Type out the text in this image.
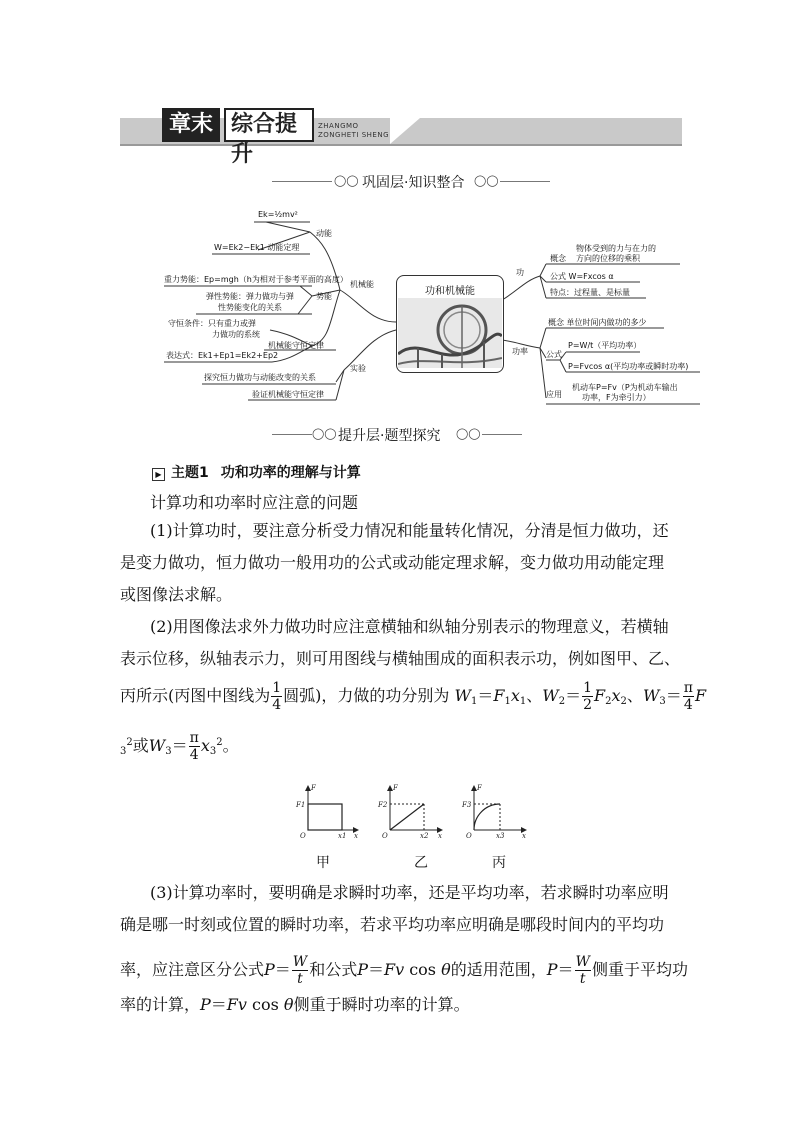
章末 综合提升
ZHANGMO
ZONGHETI SHENG
◯◯ 巩固层·知识整合 ◯◯
功和机械能
机械能
动能
Ek=½mv²
W=Ek2−Ek1 动能定理
势能
重力势能：Ep=mgh（h为相对于参考平面的高度）
弹性势能：弹力做功与弹
性势能变化的关系
守恒条件：只有重力或弹
力做功的系统
机械能守恒定律
表达式：Ek1+Ep1=Ek2+Ep2
实验
探究恒力做功与动能改变的关系
验证机械能守恒定律
功
概念
物体受到的力与在力的
方向的位移的乘积
公式 W=Fxcos α
特点：过程量、是标量
功率
概念 单位时间内做功的多少
公式
P=W/t（平均功率）
P=Fvcos α(平均功率或瞬时功率)
应用
机动车P=Fv（P为机动车输出
功率，F为牵引力）
◯◯ 提升层·题型探究 ◯◯
▶ 主题1 功和功率的理解与计算
计算功和功率时应注意的问题
(1)计算功时，要注意分析受力情况和能量转化情况，分清是恒力做功，还
是变力做功，恒力做功一般用功的公式或动能定理求解，变力做功用动能定理
或图像法求解。
(2)用图像法求外力做功时应注意横轴和纵轴分别表示的物理意义，若横轴
表示位移，纵轴表示力，则可用图线与横轴围成的面积表示功，例如图甲、乙、
丙所示(丙图中图线为 $\frac{1}{4}$ 圆弧)，力做的功分别为 $W_1=F_1x_1$、$W_2= \frac{1}{2} F_2x_2$、$W_3= \frac{\pi}{4}$ F
$_3^2$或$W_3= \frac{\pi}{4} x_3^2$。
F
F1
O	x1 x
F
F2
O	x2 x
F
F3
O	x3	x
甲	乙	丙
(3)计算功率时，要明确是求瞬时功率，还是平均功率，若求瞬时功率应明
确是哪一时刻或位置的瞬时功率，若求平均功率应明确是哪段时间内的平均功
率，应注意区分公式$P= \frac{W}{t}$ 和公式P＝Fv cos θ的适用范围，$P= \frac{W}{t}$ 侧重于平均功
率的计算，P＝Fv cos θ侧重于瞬时功率的计算。
